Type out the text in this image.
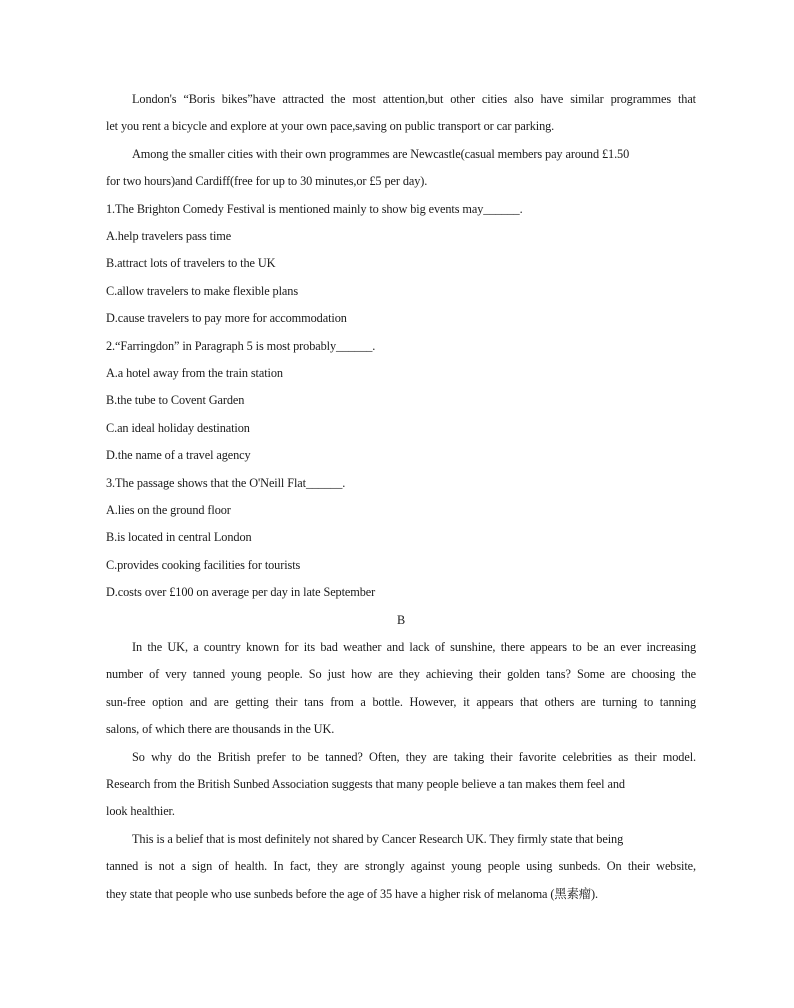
London's “Boris bikes”have attracted the most attention,but other cities also have similar programmes that
let you rent a bicycle and explore at your own pace,saving on public transport or car parking.
Among the smaller cities with their own programmes are Newcastle(casual members pay around £1.50
for two hours)and Cardiff(free for up to 30 minutes,or £5 per day).
1.The Brighton Comedy Festival is mentioned mainly to show big events may______.
A.help travelers pass time
B.attract lots of travelers to the UK
C.allow travelers to make flexible plans
D.cause travelers to pay more for accommodation
2.“Farringdon” in Paragraph 5 is most probably______.
A.a hotel away from the train station
B.the tube to Covent Garden
C.an ideal holiday destination
D.the name of a travel agency
3.The passage shows that the O'Neill Flat______.
A.lies on the ground floor
B.is located in central London
C.provides cooking facilities for tourists
D.costs over £100 on average per day in late September
B
In the UK, a country known for its bad weather and lack of sunshine, there appears to be an ever increasing
number of very tanned young people. So just how are they achieving their golden tans? Some are choosing the
sun-free option and are getting their tans from a bottle. However, it appears that others are turning to tanning
salons, of which there are thousands in the UK.
So why do the British prefer to be tanned? Often, they are taking their favorite celebrities as their model.
Research from the British Sunbed Association suggests that many people believe a tan makes them feel and
look healthier.
This is a belief that is most definitely not shared by Cancer Research UK. They firmly state that being
tanned is not a sign of health. In fact, they are strongly against young people using sunbeds. On their website,
they state that people who use sunbeds before the age of 35 have a higher risk of melanoma (黑素瘤).
